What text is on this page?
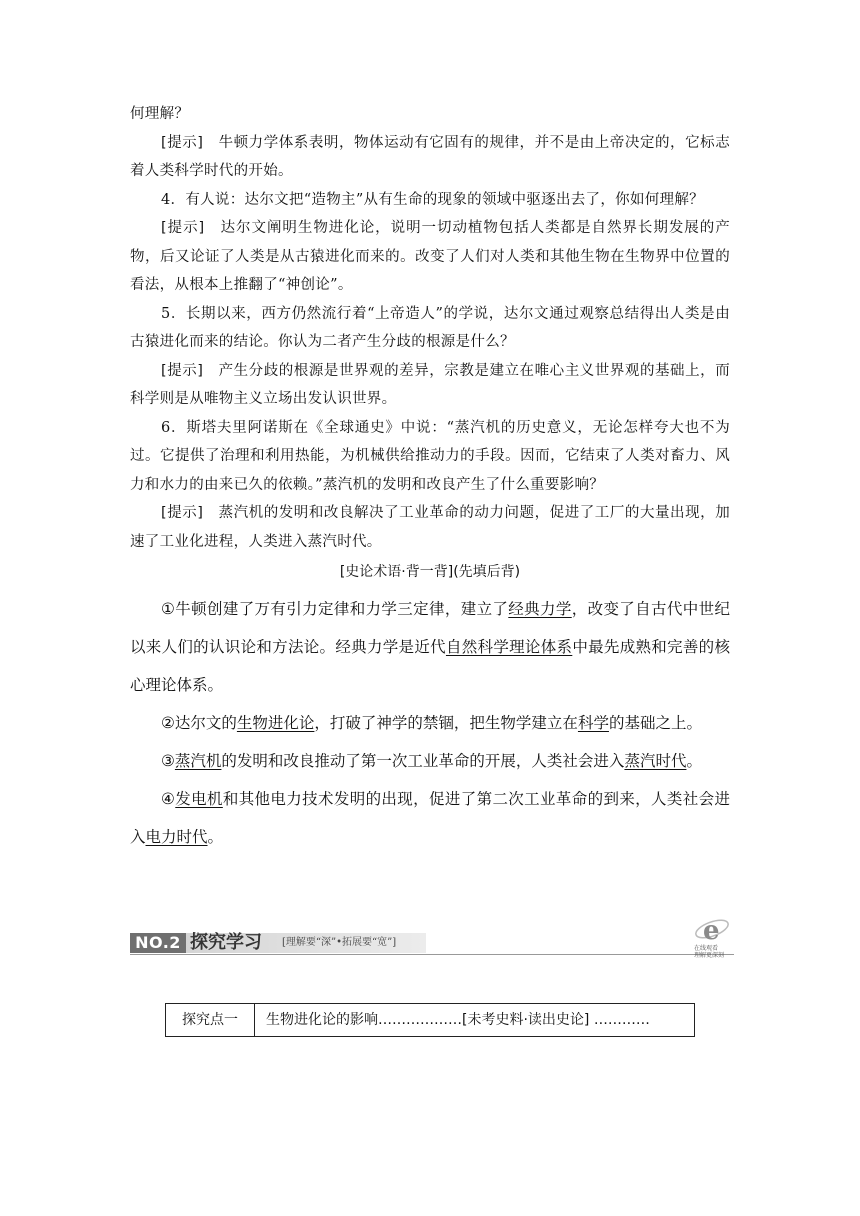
何理解？

[提示]　牛顿力学体系表明，物体运动有它固有的规律，并不是由上帝决定的，它标志着人类科学时代的开始。

4．有人说：达尔文把“造物主”从有生命的现象的领域中驱逐出去了，你如何理解？

[提示]　达尔文阐明生物进化论，说明一切动植物包括人类都是自然界长期发展的产物，后又论证了人类是从古猿进化而来的。改变了人们对人类和其他生物在生物界中位置的看法，从根本上推翻了“神创论”。

5．长期以来，西方仍然流行着“上帝造人”的学说，达尔文通过观察总结得出人类是由古猿进化而来的结论。你认为二者产生分歧的根源是什么？

[提示]　产生分歧的根源是世界观的差异，宗教是建立在唯心主义世界观的基础上，而科学则是从唯物主义立场出发认识世界。

6．斯塔夫里阿诺斯在《全球通史》中说：“蒸汽机的历史意义，无论怎样夸大也不为过。它提供了治理和利用热能，为机械供给推动力的手段。因而，它结束了人类对畜力、风力和水力的由来已久的依赖。”蒸汽机的发明和改良产生了什么重要影响？

[提示]　蒸汽机的发明和改良解决了工业革命的动力问题，促进了工厂的大量出现，加速了工业化进程，人类进入蒸汽时代。

[史论术语·背一背](先填后背)

①牛顿创建了万有引力定律和力学三定律，建立了经典力学，改变了自古代中世纪以来人们的认识论和方法论。经典力学是近代自然科学理论体系中最先成熟和完善的核心理论体系。

②达尔文的生物进化论，打破了神学的禁锢，把生物学建立在科学的基础之上。

③蒸汽机的发明和改良推动了第一次工业革命的开展，人类社会进入蒸汽时代。

④发电机和其他电力技术发明的出现，促进了第二次工业革命的到来，人类社会进入电力时代。

NO.2 探究学习 [理解要“深”•拓展要“宽”]	e
在线观看
理解更深刻
探究点一	生物进化论的影响………………[未考史料·读出史论] …………
